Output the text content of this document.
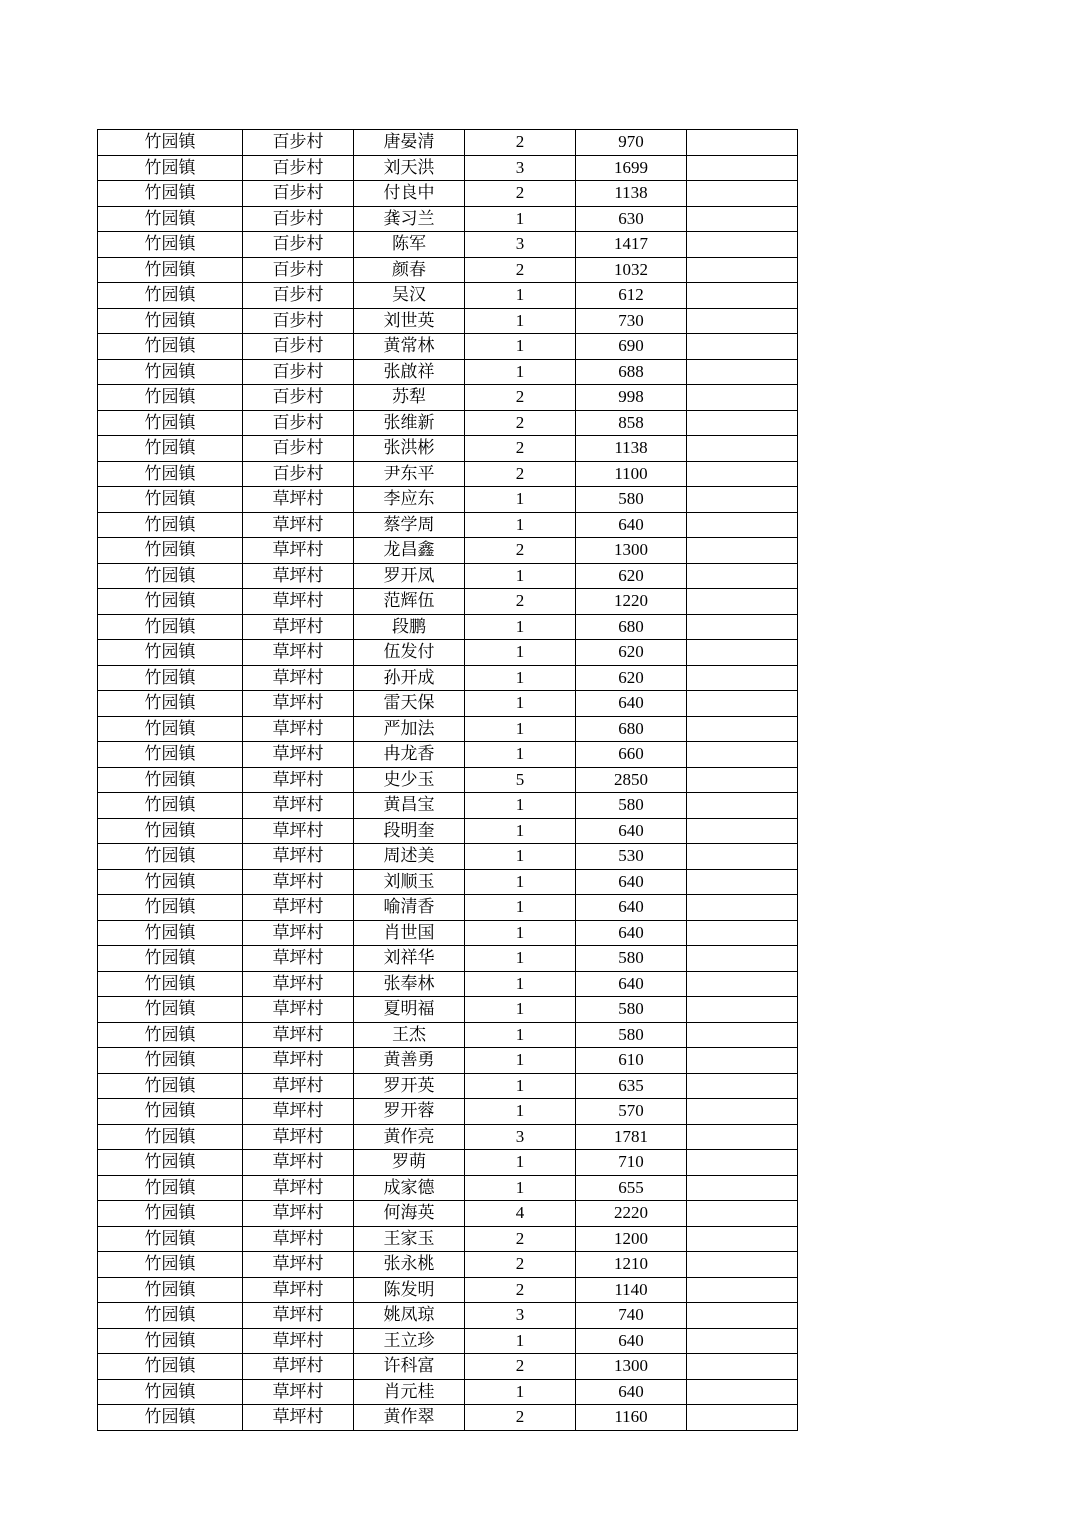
竹园镇	百步村	唐晏清	2	970	
竹园镇	百步村	刘天洪	3	1699	
竹园镇	百步村	付良中	2	1138	
竹园镇	百步村	龚习兰	1	630	
竹园镇	百步村	陈军	3	1417	
竹园镇	百步村	颜春	2	1032	
竹园镇	百步村	吴汉	1	612	
竹园镇	百步村	刘世英	1	730	
竹园镇	百步村	黄常林	1	690	
竹园镇	百步村	张啟祥	1	688	
竹园镇	百步村	苏犁	2	998	
竹园镇	百步村	张维新	2	858	
竹园镇	百步村	张洪彬	2	1138	
竹园镇	百步村	尹东平	2	1100	
竹园镇	草坪村	李应东	1	580	
竹园镇	草坪村	蔡学周	1	640	
竹园镇	草坪村	龙昌鑫	2	1300	
竹园镇	草坪村	罗开凤	1	620	
竹园镇	草坪村	范辉伍	2	1220	
竹园镇	草坪村	段鹏	1	680	
竹园镇	草坪村	伍发付	1	620	
竹园镇	草坪村	孙开成	1	620	
竹园镇	草坪村	雷天保	1	640	
竹园镇	草坪村	严加法	1	680	
竹园镇	草坪村	冉龙香	1	660	
竹园镇	草坪村	史少玉	5	2850	
竹园镇	草坪村	黄昌宝	1	580	
竹园镇	草坪村	段明奎	1	640	
竹园镇	草坪村	周述美	1	530	
竹园镇	草坪村	刘顺玉	1	640	
竹园镇	草坪村	喻清香	1	640	
竹园镇	草坪村	肖世国	1	640	
竹园镇	草坪村	刘祥华	1	580	
竹园镇	草坪村	张奉林	1	640	
竹园镇	草坪村	夏明福	1	580	
竹园镇	草坪村	王杰	1	580	
竹园镇	草坪村	黄善勇	1	610	
竹园镇	草坪村	罗开英	1	635	
竹园镇	草坪村	罗开蓉	1	570	
竹园镇	草坪村	黄作亮	3	1781	
竹园镇	草坪村	罗萌	1	710	
竹园镇	草坪村	成家德	1	655	
竹园镇	草坪村	何海英	4	2220	
竹园镇	草坪村	王家玉	2	1200	
竹园镇	草坪村	张永桃	2	1210	
竹园镇	草坪村	陈发明	2	1140	
竹园镇	草坪村	姚凤琼	3	740	
竹园镇	草坪村	王立珍	1	640	
竹园镇	草坪村	许科富	2	1300	
竹园镇	草坪村	肖元桂	1	640	
竹园镇	草坪村	黄作翠	2	1160	
